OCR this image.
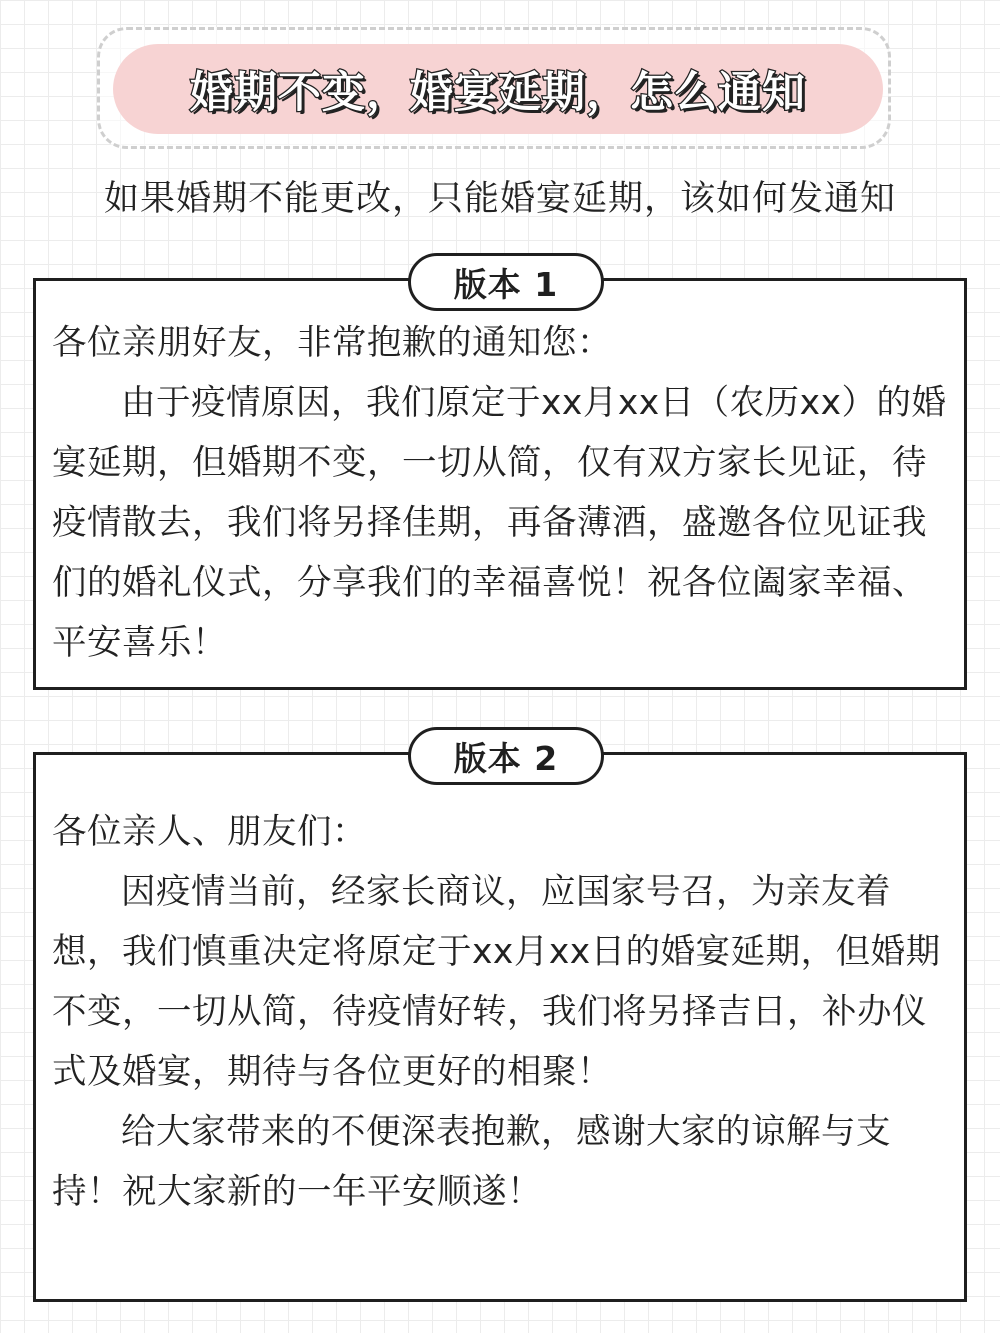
婚期不变，婚宴延期，怎么通知
如果婚期不能更改，只能婚宴延期，该如何发通知
版本 1

各位亲朋好友，非常抱歉的通知您：

由于疫情原因，我们原定于xx月xx日（农历xx）的婚宴延期，但婚期不变，一切从简，仅有双方家长见证，待疫情散去，我们将另择佳期，再备薄酒，盛邀各位见证我们的婚礼仪式，分享我们的幸福喜悦！祝各位阖家幸福、平安喜乐！

版本 2

各位亲人、朋友们：

因疫情当前，经家长商议，应国家号召，为亲友着想，我们慎重决定将原定于xx月xx日的婚宴延期，但婚期不变，一切从简，待疫情好转，我们将另择吉日，补办仪式及婚宴，期待与各位更好的相聚！

给大家带来的不便深表抱歉，感谢大家的谅解与支持！祝大家新的一年平安顺遂！
